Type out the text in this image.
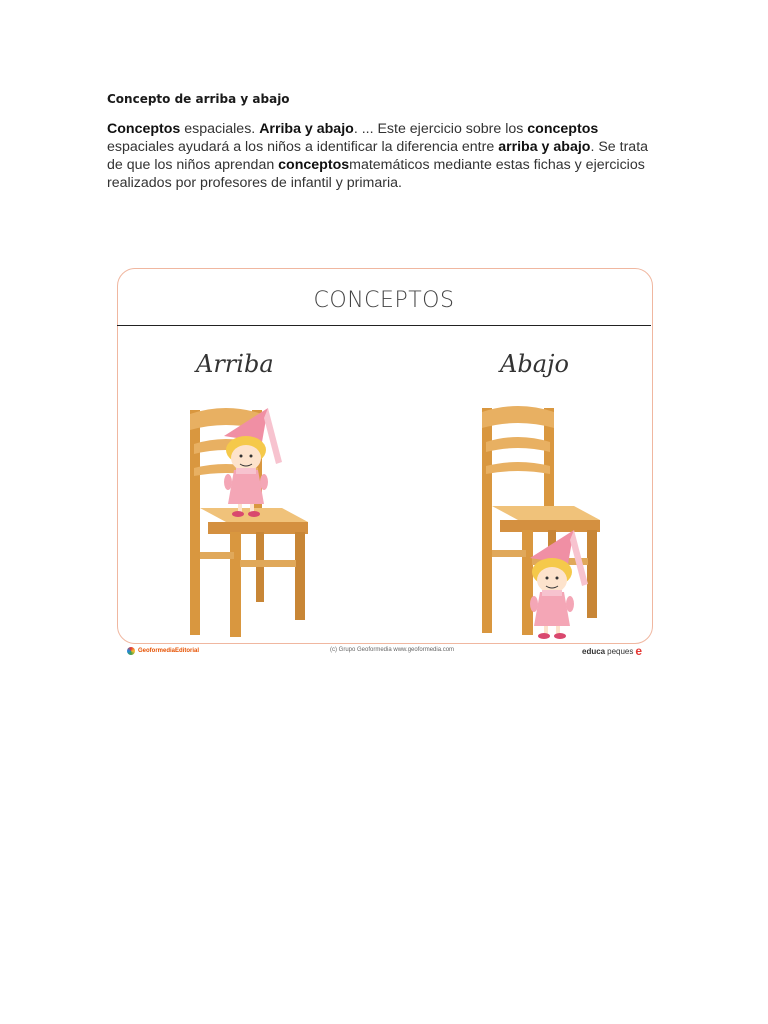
Concepto de arriba y abajo
Conceptos espaciales. Arriba y abajo. ... Este ejercicio sobre los conceptos espaciales ayudará a los niños a identificar la diferencia entre arriba y abajo. Se trata de que los niños aprendan conceptosmatemáticos mediante estas fichas y ejercicios realizados por profesores de infantil y primaria.
CONCEPTOS
Arriba	Abajo
GeoformediaEditorial	(c) Grupo Geoformedia www.geoformedia.com	educa peques e
